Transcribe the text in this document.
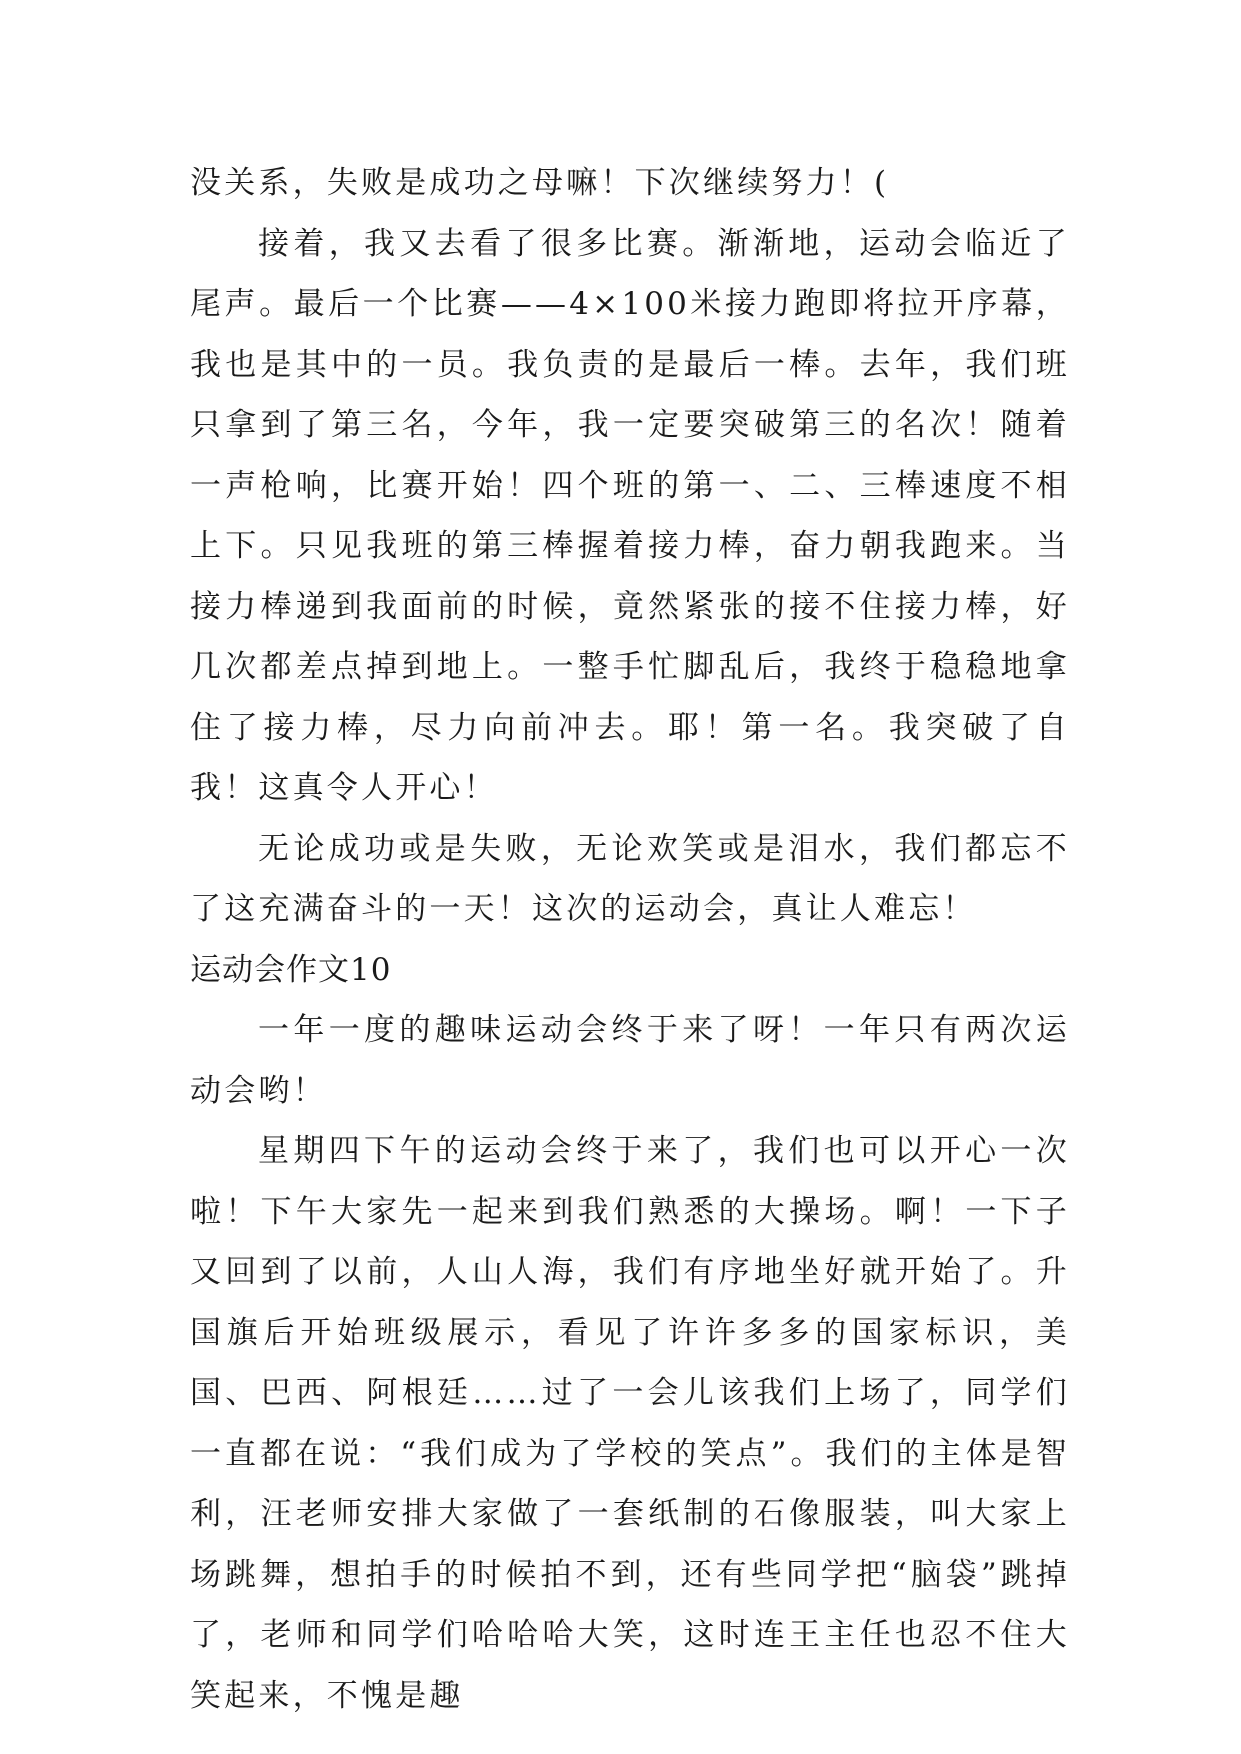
没关系，失败是成功之母嘛！下次继续努力！(

接着，我又去看了很多比赛。渐渐地，运动会临近了尾声。最后一个比赛——4×100米接力跑即将拉开序幕，我也是其中的一员。我负责的是最后一棒。去年，我们班只拿到了第三名，今年，我一定要突破第三的名次！随着一声枪响，比赛开始！四个班的第一、二、三棒速度不相上下。只见我班的第三棒握着接力棒，奋力朝我跑来。当接力棒递到我面前的时候，竟然紧张的接不住接力棒，好几次都差点掉到地上。一整手忙脚乱后，我终于稳稳地拿住了接力棒，尽力向前冲去。耶！第一名。我突破了自我！这真令人开心！

无论成功或是失败，无论欢笑或是泪水，我们都忘不了这充满奋斗的一天！这次的运动会，真让人难忘！

运动会作文10

一年一度的趣味运动会终于来了呀！一年只有两次运动会哟！

星期四下午的运动会终于来了，我们也可以开心一次啦！下午大家先一起来到我们熟悉的大操场。啊！一下子又回到了以前，人山人海，我们有序地坐好就开始了。升国旗后开始班级展示，看见了许许多多的国家标识，美国、巴西、阿根廷……过了一会儿该我们上场了，同学们一直都在说：“我们成为了学校的笑点”。我们的主体是智利，汪老师安排大家做了一套纸制的石像服装，叫大家上场跳舞，想拍手的时候拍不到，还有些同学把“脑袋”跳掉了，老师和同学们哈哈哈大笑，这时连王主任也忍不住大笑起来，不愧是趣
